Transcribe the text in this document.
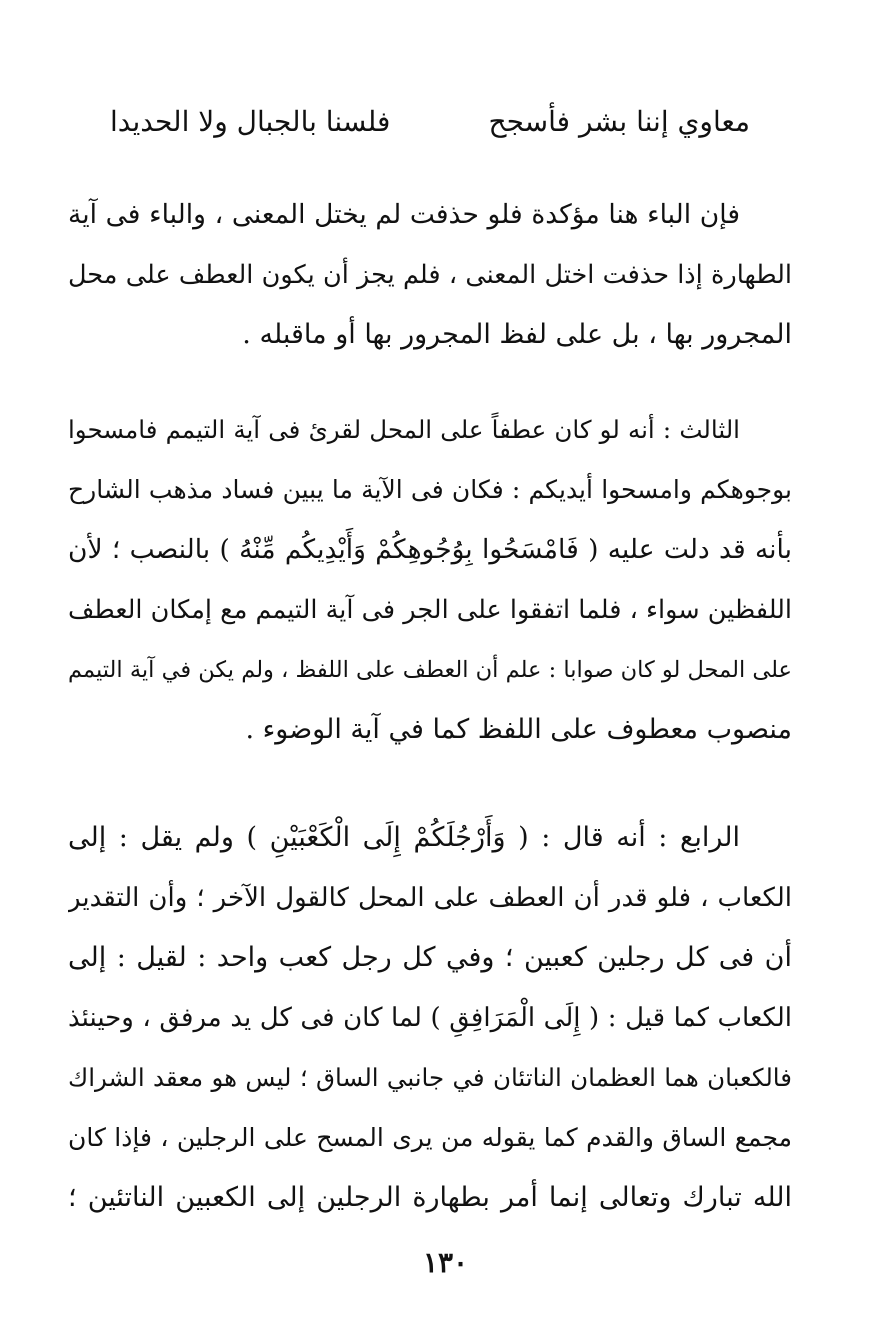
معاوي إننا بشر فأسجح
فلسنا بالجبال ولا الحديدا

فإن الباء هنا مؤكدة فلو حذفت لم يختل المعنى ، والباء فى آية
الطهارة إذا حذفت اختل المعنى ، فلم يجز أن يكون العطف على محل
المجرور بها ، بل على لفظ المجرور بها أو ماقبله .

الثالث : أنه لو كان عطفاً على المحل لقرئ فى آية التيمم فامسحوا
بوجوهكم وامسحوا أيديكم : فكان فى الآية ما يبين فساد مذهب الشارح
بأنه قد دلت عليه ( فَامْسَحُوا بِوُجُوهِكُمْ وَأَيْدِيكُم مِّنْهُ ) بالنصب ؛ لأن
اللفظين سواء ، فلما اتفقوا على الجر فى آية التيمم مع إمكان العطف
على المحل لو كان صوابا : علم أن العطف على اللفظ ، ولم يكن في آية التيمم
منصوب معطوف على اللفظ كما في آية الوضوء .

الرابع : أنه قال : ( وَأَرْجُلَكُمْ إِلَى الْكَعْبَيْنِ ) ولم يقل : إلى
الكعاب ، فلو قدر أن العطف على المحل كالقول الآخر ؛ وأن التقدير
أن فى كل رجلين كعبين ؛ وفي كل رجل كعب واحد : لقيل : إلى
الكعاب كما قيل : ( إِلَى الْمَرَافِقِ ) لما كان فى كل يد مرفق ، وحينئذ
فالكعبان هما العظمان الناتئان في جانبي الساق ؛ ليس هو معقد الشراك
مجمع الساق والقدم كما يقوله من يرى المسح على الرجلين ، فإذا كان
الله تبارك وتعالى إنما أمر بطهارة الرجلين إلى الكعبين الناتئين ؛

١٣٠
